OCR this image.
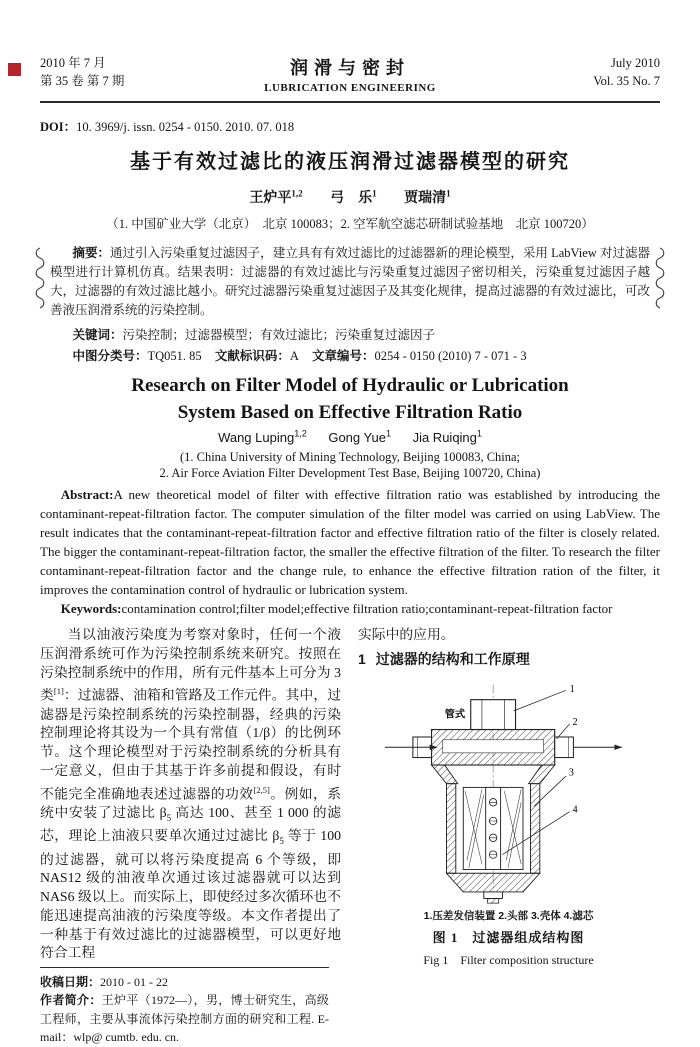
2010 年 7 月
第 35 卷 第 7 期
润滑与密封
LUBRICATION ENGINEERING
July 2010
Vol. 35 No. 7
DOI：10. 3969/j. issn. 0254 - 0150. 2010. 07. 018
基于有效过滤比的液压润滑过滤器模型的研究
王炉平$^{1,2}$ 弓　乐$^1$ 贾瑞清$^1$
（1. 中国矿业大学（北京）　北京 100083；2. 空军航空滤芯研制试验基地　北京 100720）

摘要：通过引入污染重复过滤因子，建立具有有效过滤比的过滤器新的理论模型，采用 LabView 对过滤器模型进行计算机仿真。结果表明：过滤器的有效过滤比与污染重复过滤因子密切相关，污染重复过滤因子越大，过滤器的有效过滤比越小。研究过滤器污染重复过滤因子及其变化规律，提高过滤器的有效过滤比，可改善液压润滑系统的污染控制。

关键词：污染控制；过滤器模型；有效过滤比；污染重复过滤因子

中图分类号：TQ051. 85 文献标识码：A 文章编号：0254 - 0150 (2010) 7 - 071 - 3

Research on Filter Model of Hydraulic or Lubrication
System Based on Effective Filtration Ratio
Wang Luping$^{1,2}$ Gong Yue$^1$ Jia Ruiqing$^1$
(1. China University of Mining Technology, Beijing 100083, China;
2. Air Force Aviation Filter Development Test Base, Beijing 100720, China)

Abstract:A new theoretical model of filter with effective filtration ratio was established by introducing the contaminant-repeat-filtration factor. The computer simulation of the filter model was carried on using LabView. The result indicates that the contaminant-repeat-filtration factor and effective filtration ratio of the filter is closely related. The bigger the contaminant-repeat-filtration factor, the smaller the effective filtration of the filter. To research the filter contaminant-repeat-filtration factor and the change rule, to enhance the effective filtration ration of the filter, it improves the contamination control of hydraulic or lubrication system.

Keywords:contamination control;filter model;effective filtration ratio;contaminant-repeat-filtration factor

当以油液污染度为考察对象时，任何一个液压润滑系统可作为污染控制系统来研究。按照在污染控制系统中的作用，所有元件基本上可分为 3 类[1]：过滤器、油箱和管路及工作元件。其中，过滤器是污染控制系统的污染控制器，经典的污染控制理论将其设为一个具有常值（1/β）的比例环节。这个理论模型对于污染控制系统的分析具有一定意义，但由于其基于许多前提和假设，有时不能完全准确地表述过滤器的功效[2,5]。例如，系统中安装了过滤比 $\beta_5$ 高达 100、甚至 1 000 的滤芯，理论上油液只要单次通过过滤比 $\beta_5$ 等于 100 的过滤器，就可以将污染度提高 6 个等级，即 NAS12 级的油液单次通过该过滤器就可以达到 NAS6 级以上。而实际上，即使经过多次循环也不能迅速提高油液的污染度等级。本文作者提出了一种基于有效过滤比的过滤器模型，可以更好地符合工程

收稿日期：2010 - 01 - 22
作者简介：王炉平（1972—），男，博士研究生，高级工程师，主要从事流体污染控制方面的研究和工程. E-mail：wlp@ cumtb. edu. cn.

实际中的应用。

1 过滤器的结构和工作原理
管式
1
2
3
4
1.压差发信装置 2.头部 3.壳体 4.滤芯
图 1　过滤器组成结构图
Fig 1　Filter composition structure
